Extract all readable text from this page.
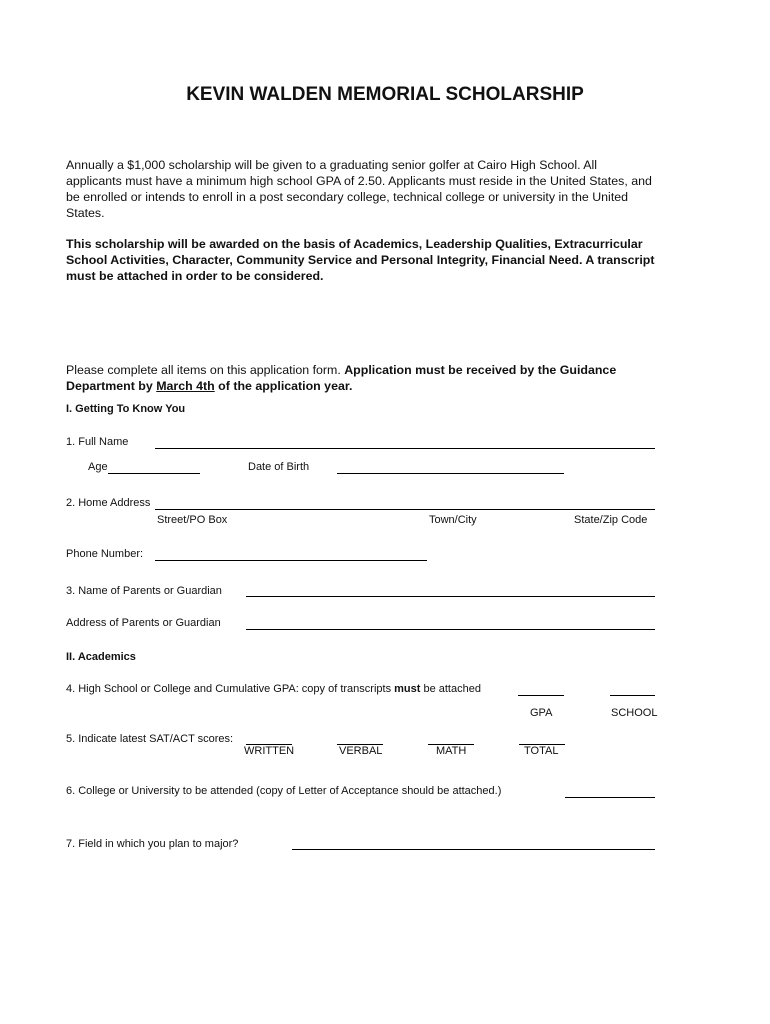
KEVIN WALDEN MEMORIAL SCHOLARSHIP
Annually a $1,000 scholarship will be given to a graduating senior golfer at Cairo High School. All applicants must have a minimum high school GPA of 2.50. Applicants must reside in the United States, and be enrolled or intends to enroll in a post secondary college, technical college or university in the United States.
This scholarship will be awarded on the basis of Academics, Leadership Qualities, Extracurricular School Activities, Character, Community Service and Personal Integrity, Financial Need. A transcript must be attached in order to be considered.
Please complete all items on this application form. Application must be received by the Guidance Department by March 4th of the application year.
I. Getting To Know You
1. Full Name
Age	Date of Birth
2. Home Address
Street/PO Box	Town/City	State/Zip Code
Phone Number:
3. Name of Parents or Guardian
Address of Parents or Guardian
II. Academics
4. High School or College and Cumulative GPA: copy of transcripts must be attached
GPA	SCHOOL
5. Indicate latest SAT/ACT scores:
WRITTEN	VERBAL	MATH	TOTAL
6. College or University to be attended (copy of Letter of Acceptance should be attached.)
7. Field in which you plan to major?
